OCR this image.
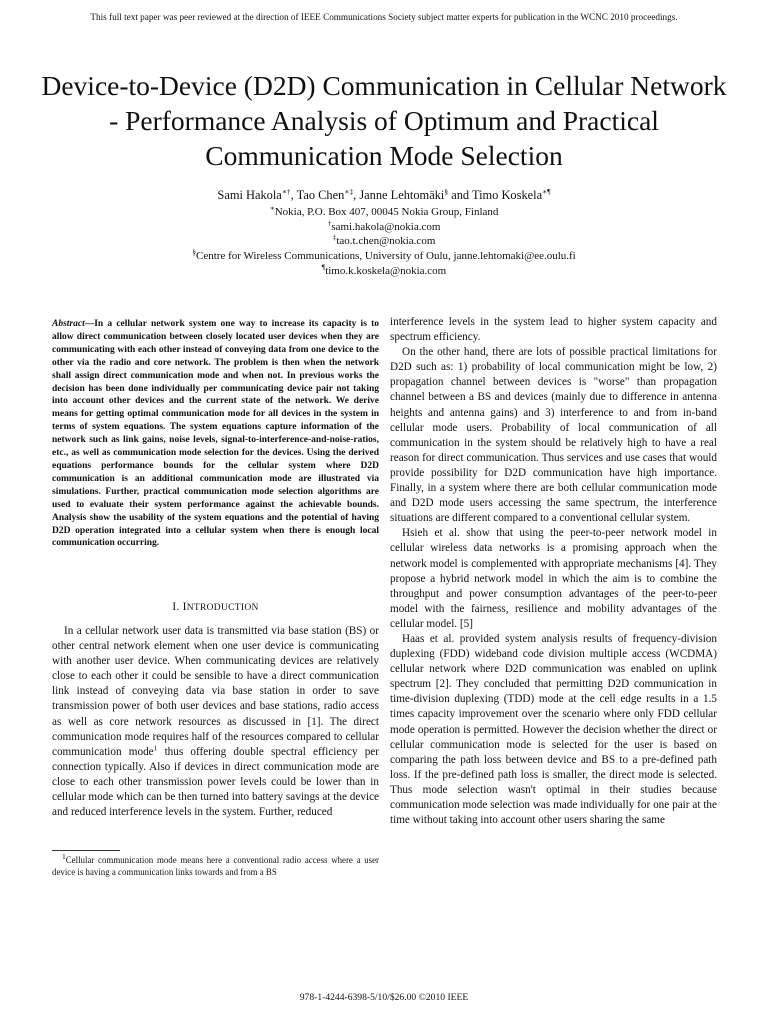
This full text paper was peer reviewed at the direction of IEEE Communications Society subject matter experts for publication in the WCNC 2010 proceedings.
Device-to-Device (D2D) Communication in Cellular Network - Performance Analysis of Optimum and Practical Communication Mode Selection
Sami Hakola∗†, Tao Chen∗‡, Janne Lehtomäki§ and Timo Koskela∗¶
∗Nokia, P.O. Box 407, 00045 Nokia Group, Finland
†sami.hakola@nokia.com
‡tao.t.chen@nokia.com
§Centre for Wireless Communications, University of Oulu, janne.lehtomaki@ee.oulu.fi
¶timo.k.koskela@nokia.com
Abstract—In a cellular network system one way to increase its capacity is to allow direct communication between closely located user devices when they are communicating with each other instead of conveying data from one device to the other via the radio and core network. The problem is then when the network shall assign direct communication mode and when not. In previous works the decision has been done individually per communicating device pair not taking into account other devices and the current state of the network. We derive means for getting optimal communication mode for all devices in the system in terms of system equations. The system equations capture information of the network such as link gains, noise levels, signal-to-interference-and-noise-ratios, etc., as well as communication mode selection for the devices. Using the derived equations performance bounds for the cellular system where D2D communication is an additional communication mode are illustrated via simulations. Further, practical communication mode selection algorithms are used to evaluate their system performance against the achievable bounds. Analysis show the usability of the system equations and the potential of having D2D operation integrated into a cellular system when there is enough local communication occurring.
I. INTRODUCTION

In a cellular network user data is transmitted via base station (BS) or other central network element when one user device is communicating with another user device. When communicating devices are relatively close to each other it could be sensible to have a direct communication link instead of conveying data via base station in order to save transmission power of both user devices and base stations, radio access as well as core network resources as discussed in [1]. The direct communication mode requires half of the resources compared to cellular communication mode$^1$ thus offering double spectral efficiency per connection typically. Also if devices in direct communication mode are close to each other transmission power levels could be lower than in cellular mode which can be then turned into battery savings at the device and reduced interference levels in the system. Further, reduced

$^1$Cellular communication mode means here a conventional radio access where a user device is having a communication links towards and from a BS

interference levels in the system lead to higher system capacity and spectrum efficiency.

On the other hand, there are lots of possible practical limitations for D2D such as: 1) probability of local communication might be low, 2) propagation channel between devices is "worse" than propagation channel between a BS and devices (mainly due to difference in antenna heights and antenna gains) and 3) interference to and from in-band cellular mode users. Probability of local communication of all communication in the system should be relatively high to have a real reason for direct communication. Thus services and use cases that would provide possibility for D2D communication have high importance. Finally, in a system where there are both cellular communication mode and D2D mode users accessing the same spectrum, the interference situations are different compared to a conventional cellular system.

Hsieh et al. show that using the peer-to-peer network model in cellular wireless data networks is a promising approach when the network model is complemented with appropriate mechanisms [4]. They propose a hybrid network model in which the aim is to combine the throughput and power consumption advantages of the peer-to-peer model with the fairness, resilience and mobility advantages of the cellular model. [5]

Haas et al. provided system analysis results of frequency-division duplexing (FDD) wideband code division multiple access (WCDMA) cellular network where D2D communication was enabled on uplink spectrum [2]. They concluded that permitting D2D communication in time-division duplexing (TDD) mode at the cell edge results in a 1.5 times capacity improvement over the scenario where only FDD cellular mode operation is permitted. However the decision whether the direct or cellular communication mode is selected for the user is based on comparing the path loss between device and BS to a pre-defined path loss. If the pre-defined path loss is smaller, the direct mode is selected. Thus mode selection wasn't optimal in their studies because communication mode selection was made individually for one pair at the time without taking into account other users sharing the same

978-1-4244-6398-5/10/$26.00 ©2010 IEEE
